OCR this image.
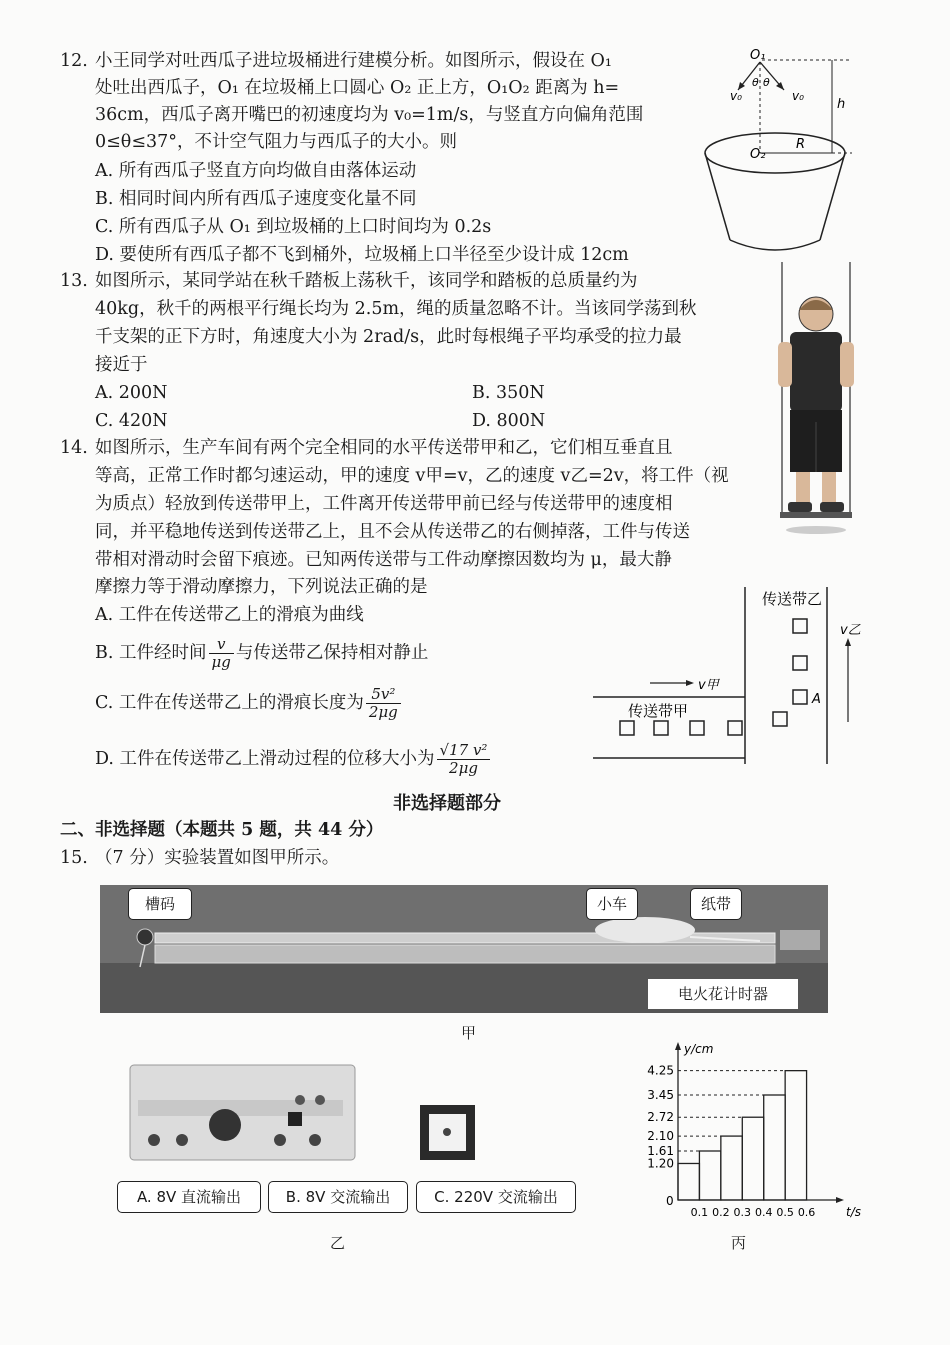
12. 小王同学对吐西瓜子进垃圾桶进行建模分析。如图所示，假设在 O₁
处吐出西瓜子，O₁ 在垃圾桶上口圆心 O₂ 正上方，O₁O₂ 距离为 h=
36cm，西瓜子离开嘴巴的初速度均为 v₀=1m/s，与竖直方向偏角范围
0≤θ≤37°，不计空气阻力与西瓜子的大小。则
A. 所有西瓜子竖直方向均做自由落体运动
B. 相同时间内所有西瓜子速度变化量不同
C. 所有西瓜子从 O₁ 到垃圾桶的上口时间均为 0.2s
D. 要使所有西瓜子都不飞到桶外，垃圾桶上口半径至少设计成 12cm
O₁
O₂
v₀	v₀
θ θ
h
R
13. 如图所示，某同学站在秋千踏板上荡秋千，该同学和踏板的总质量约为
40kg，秋千的两根平行绳长均为 2.5m，绳的质量忽略不计。当该同学荡到秋
千支架的正下方时，角速度大小为 2rad/s，此时每根绳子平均承受的拉力最
接近于
A. 200N	B. 350N
C. 420N	D. 800N
14. 如图所示，生产车间有两个完全相同的水平传送带甲和乙，它们相互垂直且
等高，正常工作时都匀速运动，甲的速度 v甲=v，乙的速度 v乙=2v，将工件（视
为质点）轻放到传送带甲上，工件离开传送带甲前已经与传送带甲的速度相
同，并平稳地传送到传送带乙上，且不会从传送带乙的右侧掉落，工件与传送
带相对滑动时会留下痕迹。已知两传送带与工件动摩擦因数均为 μ，最大静
摩擦力等于滑动摩擦力，下列说法正确的是
A. 工件在传送带乙上的滑痕为曲线
B. 工件经时间 $\frac{v}{\mu g}$ 与传送带乙保持相对静止
C. 工件在传送带乙上的滑痕长度为 $\frac{\text{5v²}}{2\mu g}$
D. 工件在传送带乙上滑动过程的位移大小为 $\frac{\text{√17 v²}}{2\mu g}$
传送带乙
传送带甲
v甲
v乙
A
非选择题部分
二、非选择题（本题共 5 题，共 44 分）
15. （7 分）实验装置如图甲所示。
槽码	小车	纸带
电火花计时器
甲
A. 8V 直流输出	B. 8V 交流输出	C. 220V 交流输出
乙
y/cm
t/s
0
1.20
0.1
1.61
0.2
2.10
0.3
2.72
0.4
3.45
0.5
4.25
0.6
丙
